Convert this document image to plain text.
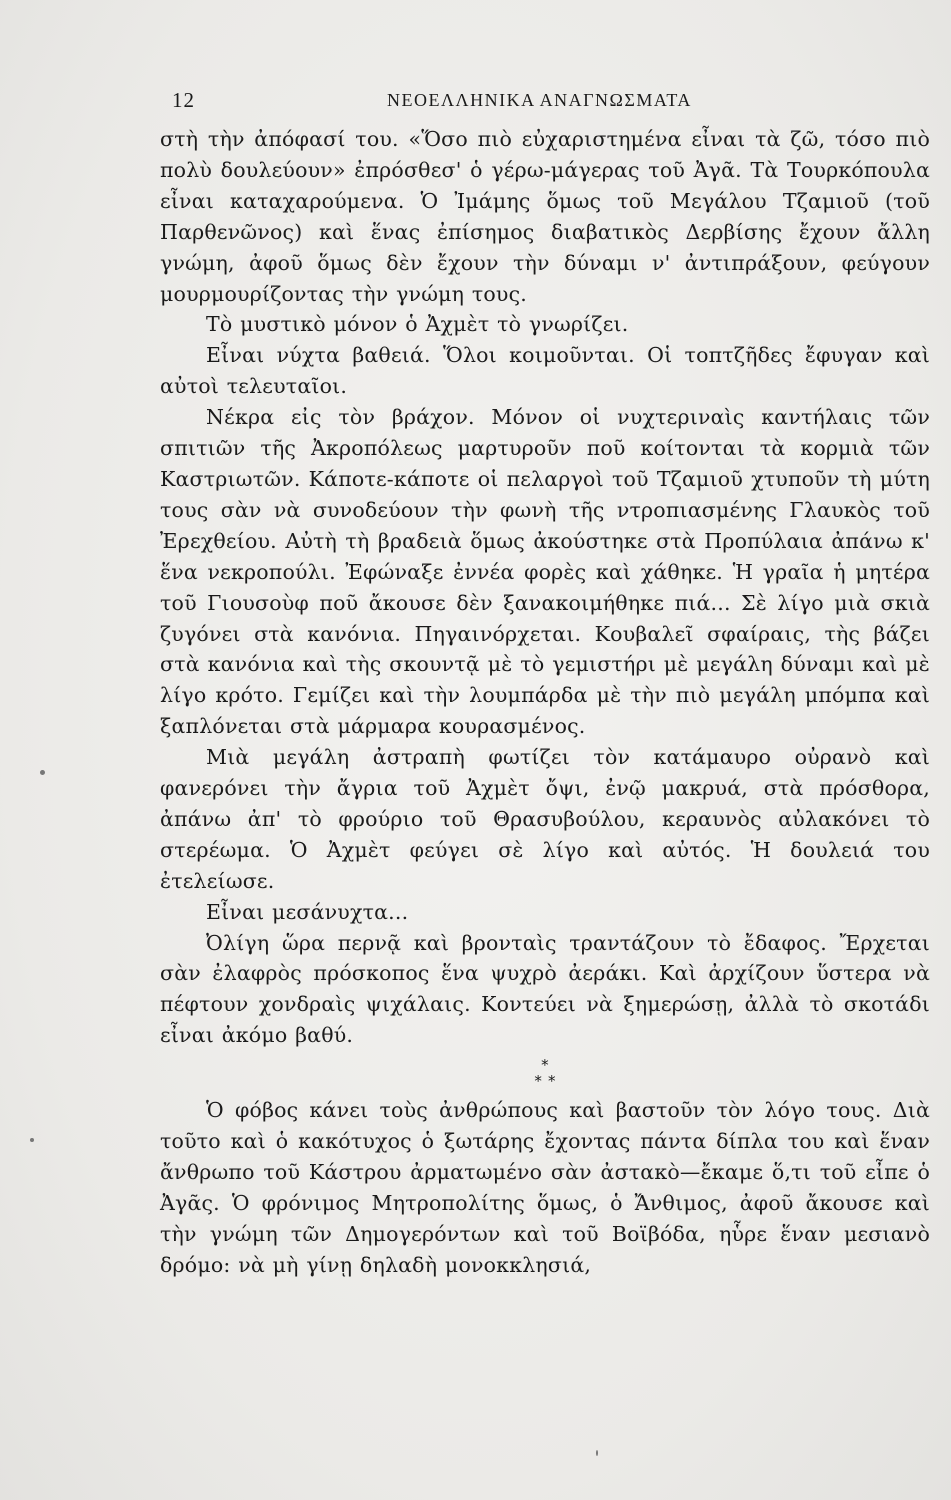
12	ΝΕΟΕΛΛΗΝΙΚΑ ΑΝΑΓΝΩΣΜΑΤΑ

στὴ τὴν ἀπόφασί του. «Ὅσο πιὸ εὐχαριστημένα εἶναι τὰ ζῶ, τόσο πιὸ πολὺ δουλεύουν» ἐπρόσθεσ' ὁ γέρω-μάγερας τοῦ Ἀγᾶ. Τὰ Τουρκόπουλα εἶναι καταχαρούμενα. Ὁ Ἰμάμης ὅμως τοῦ Μεγάλου Τζαμιοῦ (τοῦ Παρθενῶνος) καὶ ἕνας ἐπίσημος διαβατικὸς Δερβίσης ἔχουν ἄλλη γνώμη, ἀφοῦ ὅμως δὲν ἔχουν τὴν δύναμι ν' ἀντιπράξουν, φεύγουν μουρμουρίζοντας τὴν γνώμη τους.

Τὸ μυστικὸ μόνον ὁ Ἀχμὲτ τὸ γνωρίζει.

Εἶναι νύχτα βαθειά. Ὅλοι κοιμοῦνται. Οἱ τοπτζῆδες ἔφυγαν καὶ αὐτοὶ τελευταῖοι.

Νέκρα εἰς τὸν βράχον. Μόνον οἱ νυχτεριναὶς καντήλαις τῶν σπιτιῶν τῆς Ἀκροπόλεως μαρτυροῦν ποῦ κοίτονται τὰ κορμιὰ τῶν Καστριωτῶν. Κάποτε-κάποτε οἱ πελαργοὶ τοῦ Τζαμιοῦ χτυποῦν τὴ μύτη τους σὰν νὰ συνοδεύουν τὴν φωνὴ τῆς ντροπιασμένης Γλαυκὸς τοῦ Ἐρεχθείου. Αὐτὴ τὴ βραδειὰ ὅμως ἀκούστηκε στὰ Προπύλαια ἀπάνω κ' ἕνα νεκροπούλι. Ἐφώναξε ἐννέα φορὲς καὶ χάθηκε. Ἡ γραῖα ἡ μητέρα τοῦ Γιουσοὺφ ποῦ ἄκουσε δὲν ξανακοιμήθηκε πιά... Σὲ λίγο μιὰ σκιὰ ζυγόνει στὰ κανόνια. Πηγαινόρχεται. Κουβαλεῖ σφαίραις, τὴς βάζει στὰ κανόνια καὶ τὴς σκουντᾷ μὲ τὸ γεμιστήρι μὲ μεγάλη δύναμι καὶ μὲ λίγο κρότο. Γεμίζει καὶ τὴν λουμπάρδα μὲ τὴν πιὸ μεγάλη μπόμπα καὶ ξαπλόνεται στὰ μάρμαρα κουρασμένος.

Μιὰ μεγάλη ἀστραπὴ φωτίζει τὸν κατάμαυρο οὐρανὸ καὶ φανερόνει τὴν ἄγρια τοῦ Ἀχμὲτ ὄψι, ἐνῷ μακρυά, στὰ πρόσθορα, ἀπάνω ἀπ' τὸ φρούριο τοῦ Θρασυβούλου, κεραυνὸς αὐλακόνει τὸ στερέωμα. Ὁ Ἀχμὲτ φεύγει σὲ λίγο καὶ αὐτός. Ἡ δουλειά του ἐτελείωσε.

Εἶναι μεσάνυχτα...

Ὀλίγη ὥρα περνᾷ καὶ βρονταὶς τραντάζουν τὸ ἔδαφος. Ἔρχεται σὰν ἐλαφρὸς πρόσκοπος ἕνα ψυχρὸ ἀεράκι. Καὶ ἀρχίζουν ὕστερα νὰ πέφτουν χονδραὶς ψιχάλαις. Κοντεύει νὰ ξημερώσῃ, ἀλλὰ τὸ σκοτάδι εἶναι ἀκόμο βαθύ.

*
* *

Ὁ φόβος κάνει τοὺς ἀνθρώπους καὶ βαστοῦν τὸν λόγο τους. Διὰ τοῦτο καὶ ὁ κακότυχος ὁ ξωτάρης ἔχοντας πάντα δίπλα του καὶ ἕναν ἄνθρωπο τοῦ Κάστρου ἀρματωμένο σὰν ἀστακὸ—ἔκαμε ὅ,τι τοῦ εἶπε ὁ Ἀγᾶς. Ὁ φρόνιμος Μητροπολίτης ὅμως, ὁ Ἄνθιμος, ἀφοῦ ἄκουσε καὶ τὴν γνώμη τῶν Δημογερόντων καὶ τοῦ Βοϊβόδα, ηὗρε ἕναν μεσιανὸ δρόμο: νὰ μὴ γίνῃ δηλαδὴ μονοκκλησιά,
